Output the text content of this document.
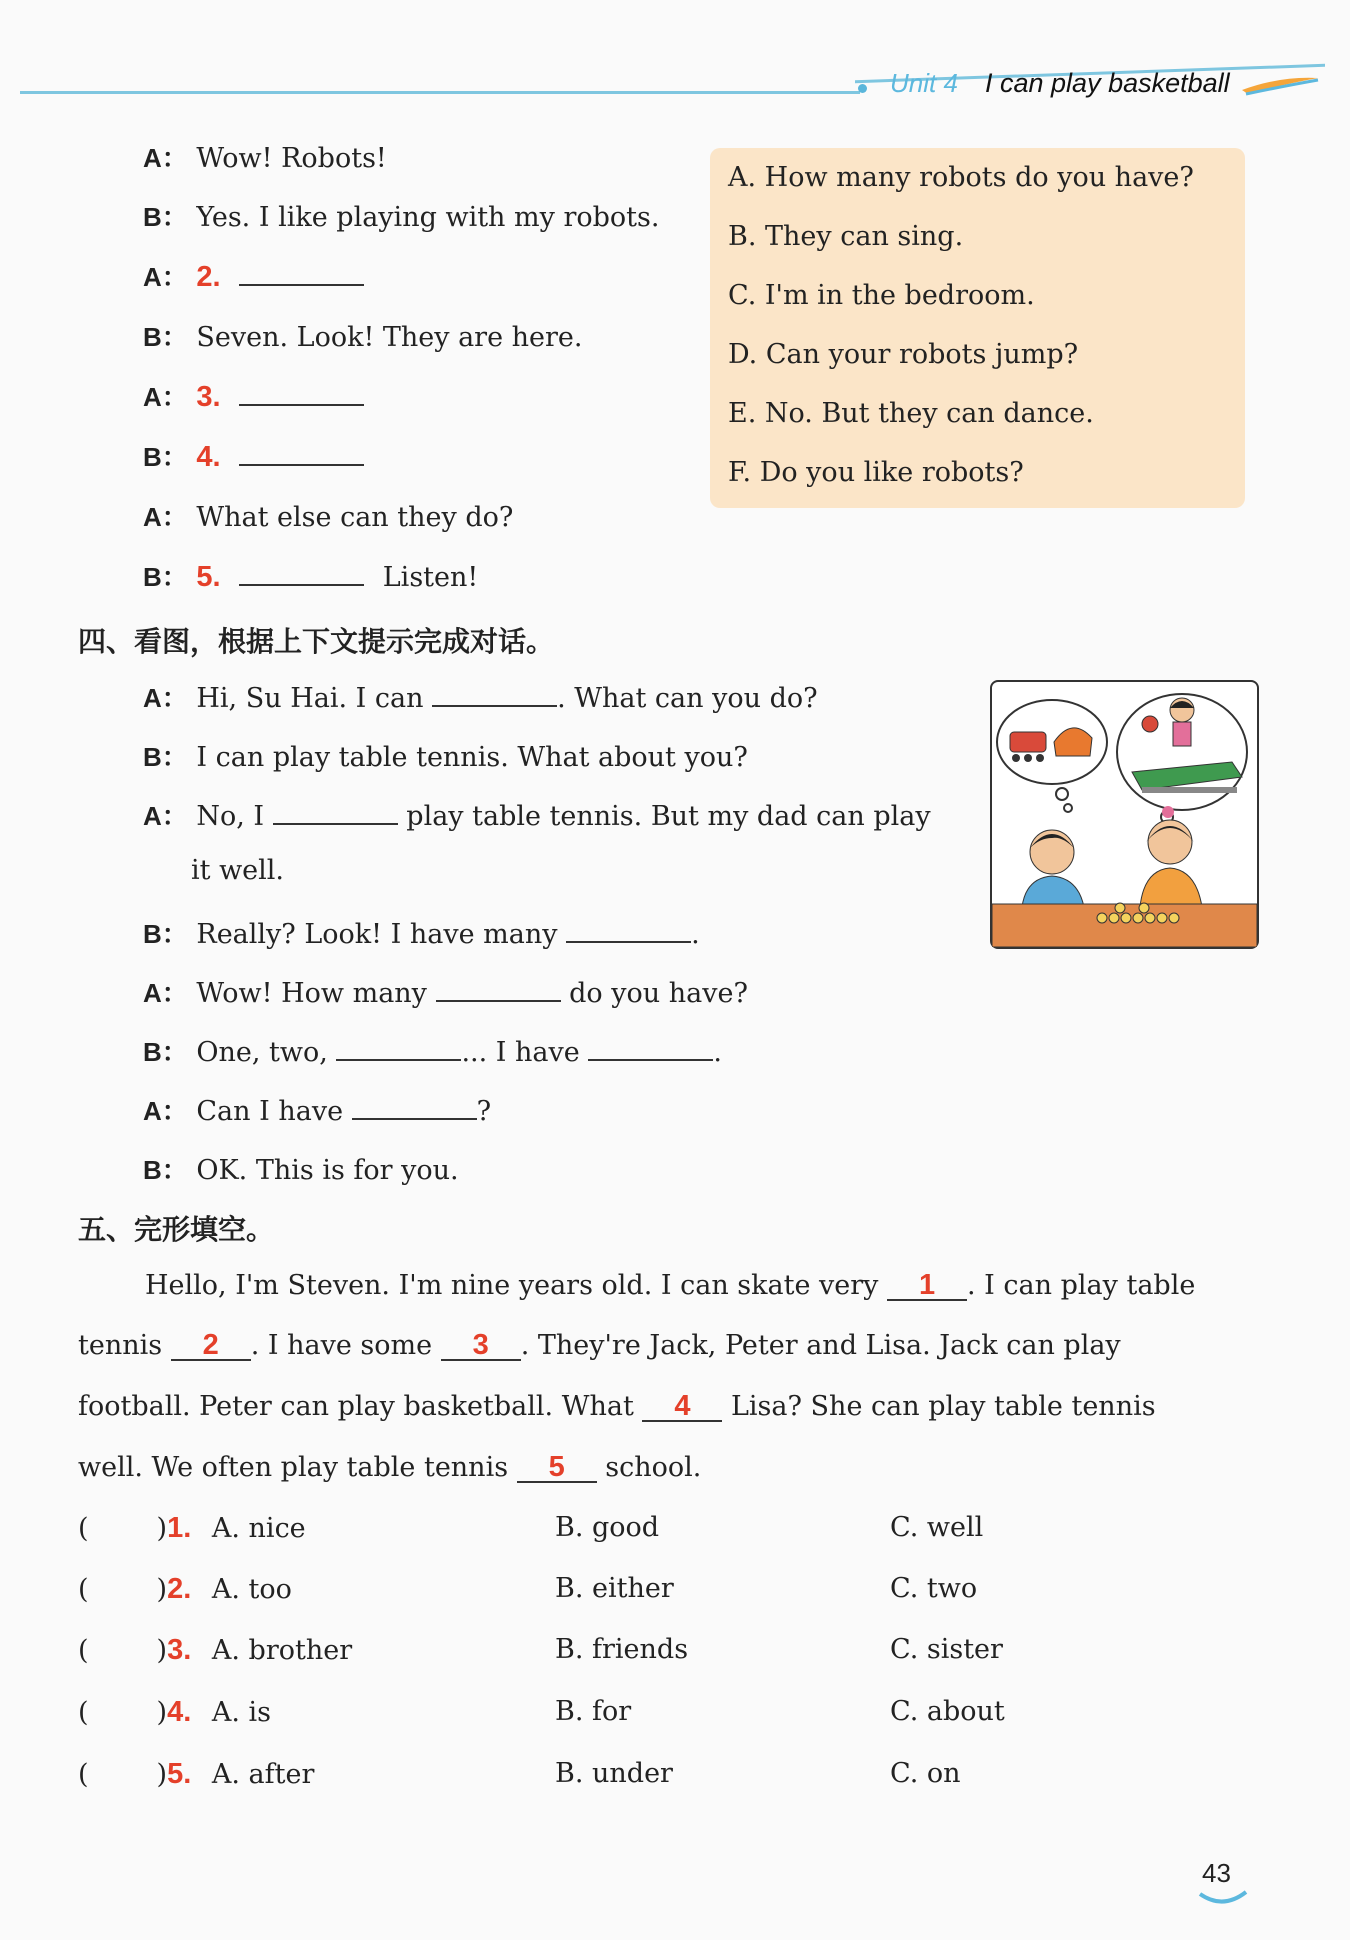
Unit 4 I can play basketball
A： Wow! Robots!
B： Yes. I like playing with my robots.
A： 2.
B： Seven. Look! They are here.
A： 3.
B： 4.
A： What else can they do?
B： 5.	Listen!
A. How many robots do you have?
B. They can sing.
C. I'm in the bedroom.
D. Can your robots jump?
E. No. But they can dance.
F. Do you like robots?
四、看图，根据上下文提示完成对话。
A： Hi, Su Hai. I can	. What can you do?
B： I can play table tennis. What about you?
A： No, I	play table tennis. But my dad can play
it well.
B： Really? Look! I have many	.
A： Wow! How many	do you have?
B： One, two,	... I have	.
A： Can I have	?
B： OK. This is for you.
五、完形填空。
Hello, I'm Steven. I'm nine years old. I can skate very 1 . I can play table
tennis 2 . I have some 3 . They're Jack, Peter and Lisa. Jack can play
football. Peter can play basketball. What 4 Lisa? She can play table tennis
well. We often play table tennis 5 school.
(	)1. A. nice	B. good	C. well
(	)2. A. too	B. either	C. two
(	)3. A. brother	B. friends	C. sister
(	)4. A. is	B. for	C. about
(	)5. A. after	B. under	C. on
43
